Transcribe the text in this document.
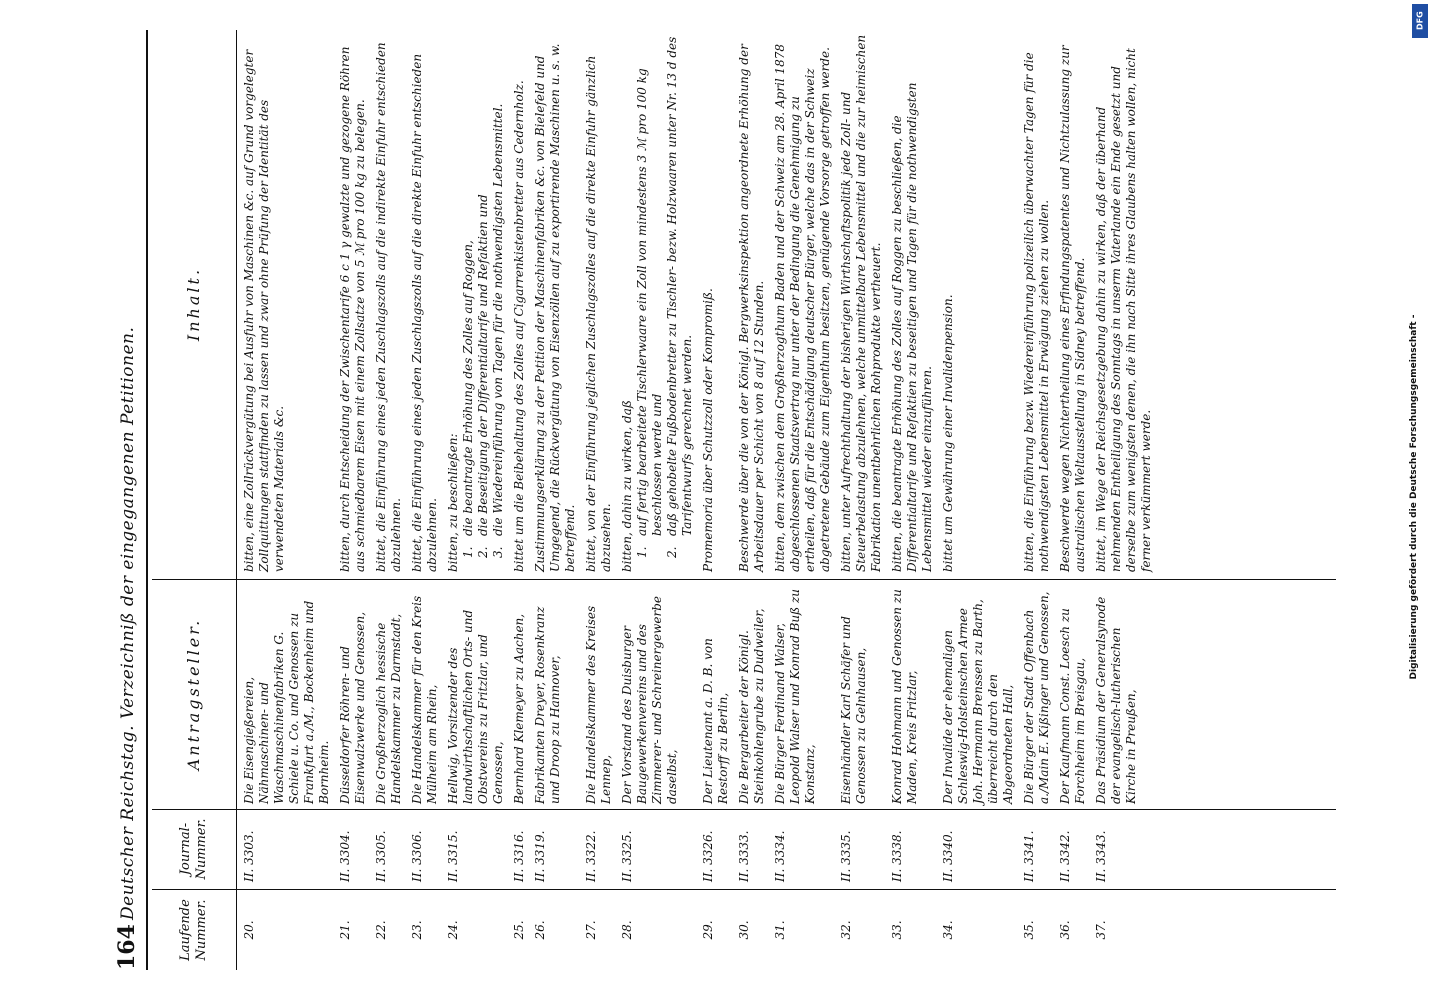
164
Deutscher Reichstag. Verzeichniß der eingegangenen Petitionen.
Laufende Nummer.
Journal-Nummer.
Antragsteller.
Inhalt.
20.
II. 3303.
Die Eisengießereien, Nähmaschinen- und Waschmaschinenfabriken G. Schiele u. Co. und Genossen zu Frankfurt a./M., Bockenheim und Bornheim.
bitten, eine Zollrückvergütung bei Ausfuhr von Maschinen &c. auf Grund vorgelegter Zollquittungen stattfinden zu lassen und zwar ohne Prüfung der Identität des verwendeten Materials &c.
21.
II. 3304.
Düsseldorfer Röhren- und Eisenwalzwerke und Genossen,
bitten, durch Entscheidung der Zwischentarife 6 c 1 γ gewalzte und gezogene Röhren aus schmiedbarem Eisen mit einem Zollsatze von 5 ℳ pro 100 kg zu belegen.
22.
II. 3305.
Die Großherzoglich hessische Handelskammer zu Darmstadt,
bittet, die Einführung eines jeden Zuschlagszolls auf die indirekte Einfuhr entschieden abzulehnen.
23.
II. 3306.
Die Handelskammer für den Kreis Mülheim am Rhein,
bittet, die Einführung eines jeden Zuschlagszolls auf die direkte Einfuhr entschieden abzulehnen.
24.
II. 3315.
Hellwig, Vorsitzender des landwirthschaftlichen Orts- und Obstvereins zu Fritzlar, und Genossen,
bitten, zu beschließen: 1.
die beantragte Erhöhung des Zolles auf Roggen,
2.
die Beseitigung der Differentialtarife und Refaktien und
3.
die Wiedereinführung von Tagen für die nothwendigsten Lebensmittel.
25.
II. 3316.
Bernhard Klemeyer zu Aachen,
bittet um die Beibehaltung des Zolles auf Cigarrenkistenbretter aus Cedernholz.
26.
II. 3319.
Fabrikanten Dreyer, Rosenkranz und Droop zu Hannover,
Zustimmungserklärung zu der Petition der Maschinenfabriken &c. von Bielefeld und Umgegend, die Rückvergütung von Eisenzöllen auf zu exportirende Maschinen u. s. w. betreffend.
27.
II. 3322.
Die Handelskammer des Kreises Lennep,
bittet, von der Einführung jeglichen Zuschlagszolles auf die direkte Einfuhr gänzlich abzusehen.
28.
II. 3325.
Der Vorstand des Duisburger Baugewerkenvereins und des Zimmerer- und Schreinergewerbe daselbst,
bitten, dahin zu wirken, daß 1.
auf fertig bearbeitete Tischlerwaare ein Zoll von mindestens 3 ℳ pro 100 kg beschlossen werde und
2.
daß gehobelte Fußbodenbretter zu Tischler- bezw. Holzwaaren unter Nr. 13 d des Tarifentwurfs gerechnet werden.
29.
II. 3326.
Der Lieutenant a. D. B. von Restorff zu Berlin,
Promemoria über Schutzzoll oder Kompromiß.
30.
II. 3333.
Die Bergarbeiter der Königl. Steinkohlengrube zu Dudweiler,
Beschwerde über die von der Königl. Bergwerksinspektion angeordnete Erhöhung der Arbeitsdauer per Schicht von 8 auf 12 Stunden.
31.
II. 3334.
Die Bürger Ferdinand Walser, Leopold Walser und Konrad Buß zu Konstanz,
bitten, dem zwischen dem Großherzogthum Baden und der Schweiz am 28. April 1878 abgeschlossenen Staatsvertrag nur unter der Bedingung die Genehmigung zu ertheilen, daß für die Entschädigung deutscher Bürger, welche das in der Schweiz abgetretene Gebäude zum Eigenthum besitzen, genügende Vorsorge getroffen werde.
32.
II. 3335.
Eisenhändler Karl Schäfer und Genossen zu Gelnhausen,
bitten, unter Aufrechthaltung der bisherigen Wirthschaftspolitik jede Zoll- und Steuerbelastung abzulehnen, welche unmittelbare Lebensmittel und die zur heimischen Fabrikation unentbehrlichen Rohprodukte vertheuert.
33.
II. 3338.
Konrad Hohmann und Genossen zu Maden, Kreis Fritzlar,
bitten, die beantragte Erhöhung des Zolles auf Roggen zu beschließen, die Differentialtarife und Refaktien zu beseitigen und Tagen für die nothwendigsten Lebensmittel wieder einzuführen.
34.
II. 3340.
Der Invalide der ehemaligen Schleswig-Holsteinschen Armee Joh. Hermann Brenssen zu Barth, überreicht durch den Abgeordneten Hall,
bittet um Gewährung einer Invalidenpension.
35.
II. 3341.
Die Bürger der Stadt Offenbach a./Main E. Kißinger und Genossen,
bitten, die Einführung bezw. Wiedereinführung polizeilich überwachter Tagen für die nothwendigsten Lebensmittel in Erwägung ziehen zu wollen.
36.
II. 3342.
Der Kaufmann Const. Loesch zu Forchheim im Breisgau,
Beschwerde wegen Nichtertheilung eines Erfindungspatentes und Nichtzulassung zur australischen Weltausstellung in Sidney betreffend.
37.
II. 3343.
Das Präsidium der Generalsynode der evangelisch-lutherischen Kirche in Preußen,
bittet, im Wege der Reichsgesetzgebung dahin zu wirken, daß der überhand nehmenden Entheiligung des Sonntags in unserm Vaterlande ein Ende gesetzt und derselbe zum wenigsten denen, die ihn nach Sitte ihres Glaubens halten wollen, nicht ferner verkümmert werde.
DFG
Digitalisierung gefördert durch die Deutsche Forschungsgemeinschaft -
